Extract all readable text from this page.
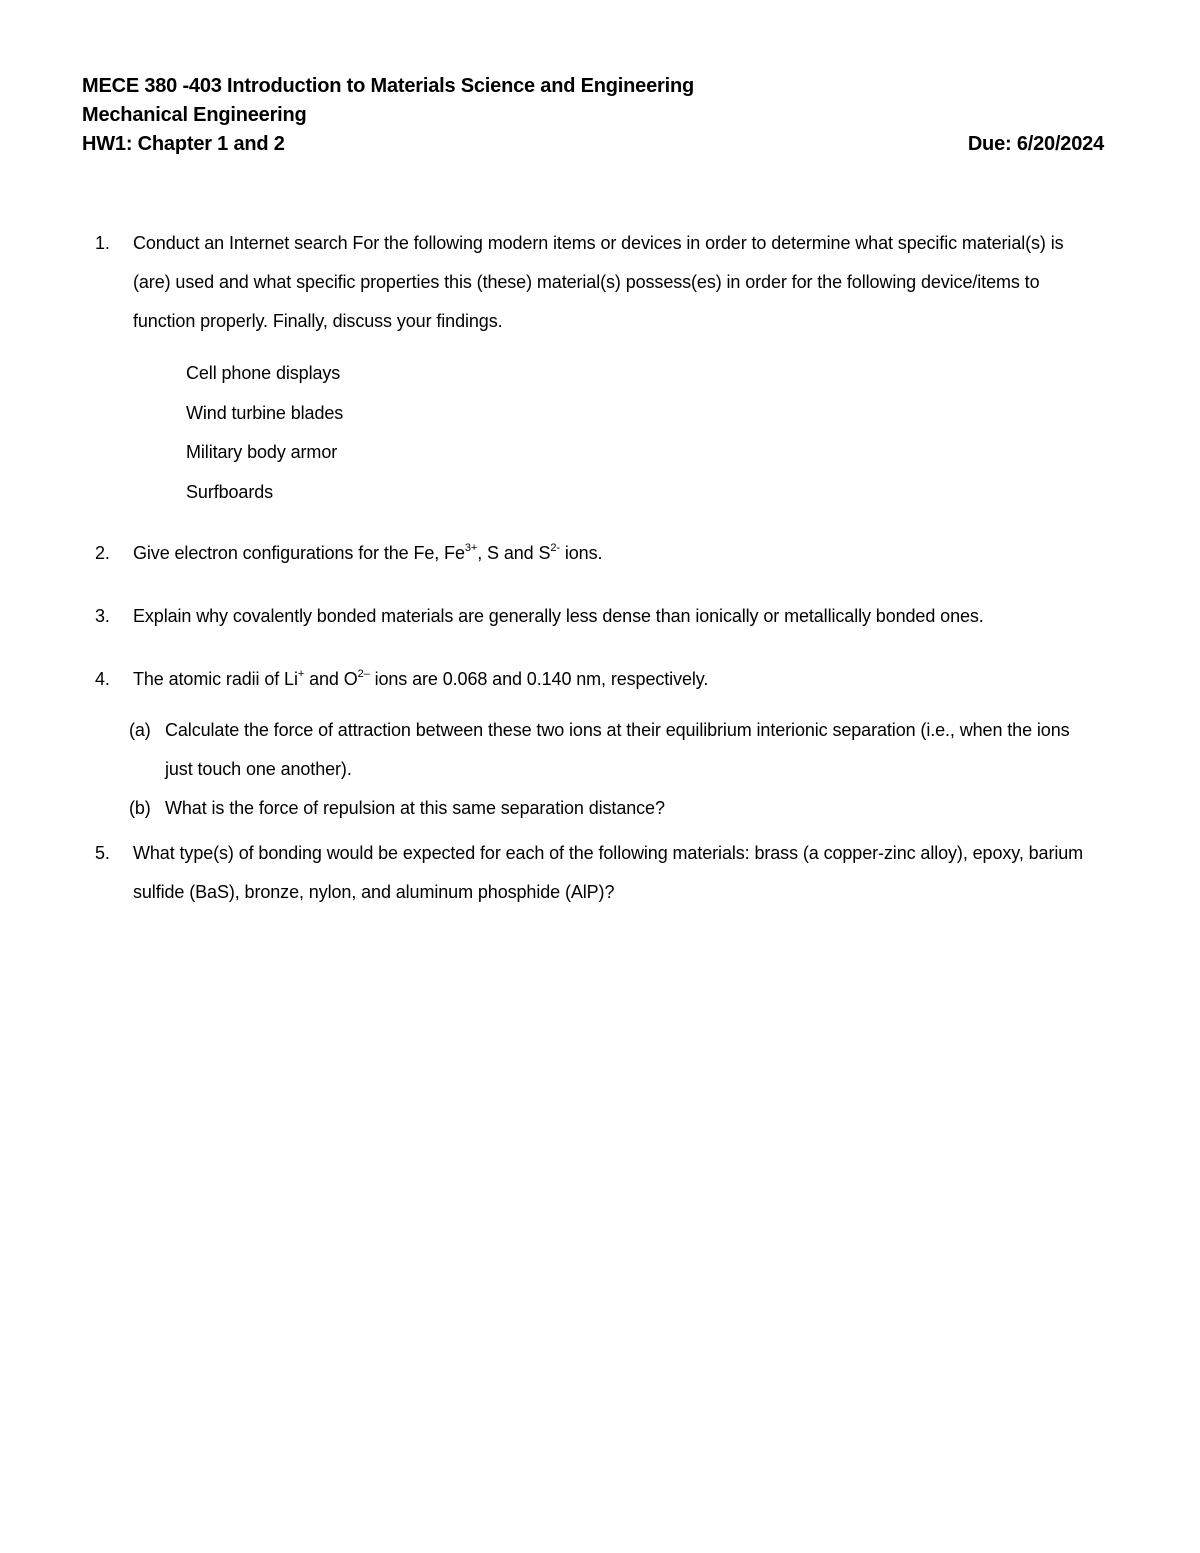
MECE 380 -403 Introduction to Materials Science and Engineering
Mechanical Engineering
HW1: Chapter 1 and 2	Due: 6/20/2024
1.	Conduct an Internet search For the following modern items or devices in order to determine what specific material(s) is (are) used and what specific properties this (these) material(s) possess(es) in order for the following device/items to function properly. Finally, discuss your findings.
Cell phone displays
Wind turbine blades
Military body armor
Surfboards
2.	Give electron configurations for the Fe, $Fe^{3+}$, S and $S^{2-}$ ions.
3.	Explain why covalently bonded materials are generally less dense than ionically or metallically bonded ones.
4.	The atomic radii of Li+ and $O^{2-}$ ions are 0.068 and 0.140 nm, respectively.
(a) Calculate the force of attraction between these two ions at their equilibrium interionic separation (i.e., when the ions just touch one another).
(b) What is the force of repulsion at this same separation distance?
5.	What type(s) of bonding would be expected for each of the following materials: brass (a copper-zinc alloy), epoxy, barium sulfide (BaS), bronze, nylon, and aluminum phosphide (AlP)?
